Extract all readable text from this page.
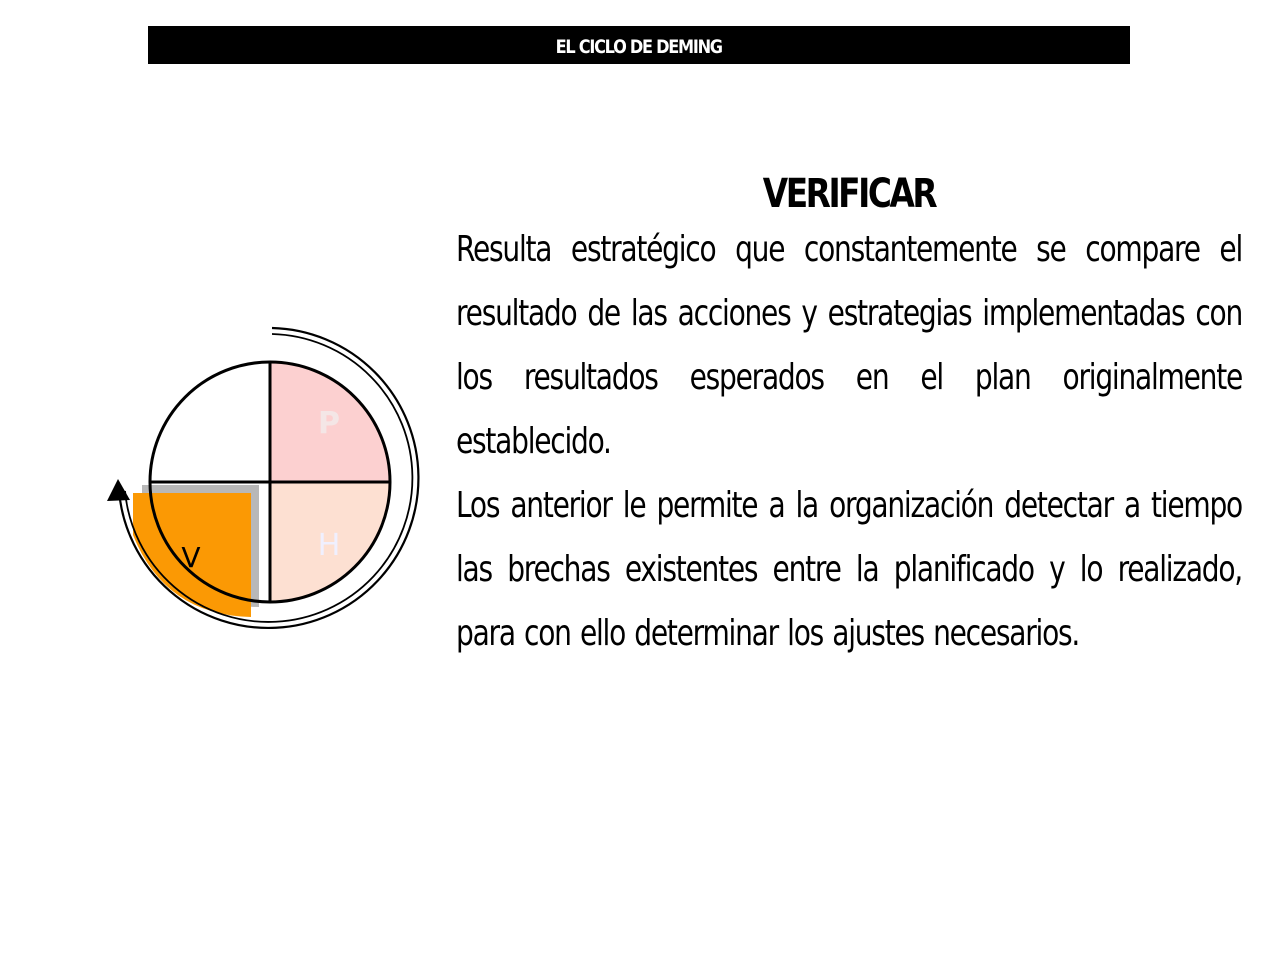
EL CICLO DE DEMING
P
H
V
VERIFICAR

Resulta estratégico que constantemente se compare el resultado de las acciones y estrategias implementadas con los resultados esperados en el plan originalmente establecido.

Los anterior le permite a la organización detectar a tiempo las brechas existentes entre la planificado y lo realizado, para con ello determinar los ajustes necesarios.
